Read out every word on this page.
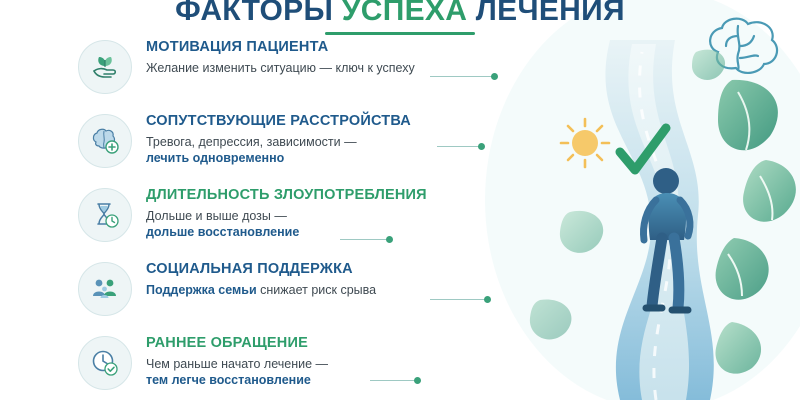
ФАКТОРЫ УСПЕХА ЛЕЧЕНИЯ
МОТИВАЦИЯ ПАЦИЕНТА
Желание изменить ситуацию — ключ к успеху
СОПУТСТВУЮЩИЕ РАССТРОЙСТВА
Тревога, депрессия, зависимости —
лечить одновременно
ДЛИТЕЛЬНОСТЬ ЗЛОУПОТРЕБЛЕНИЯ
Дольше и выше дозы —
дольше восстановление
СОЦИАЛЬНАЯ ПОДДЕРЖКА
Поддержка семьи снижает риск срыва
РАННЕЕ ОБРАЩЕНИЕ
Чем раньше начато лечение —
тем легче восстановление
